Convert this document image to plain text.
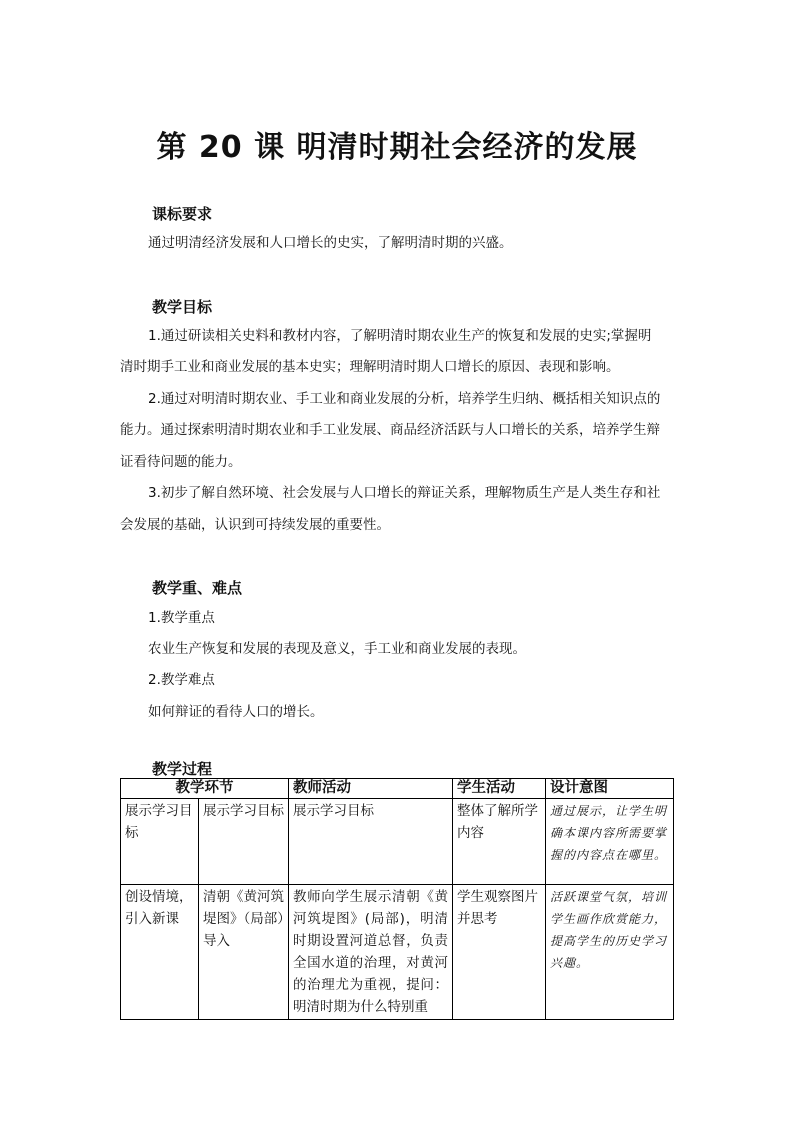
第 20 课 明清时期社会经济的发展
课标要求
通过明清经济发展和人口增长的史实，了解明清时期的兴盛。
教学目标
1.通过研读相关史料和教材内容，了解明清时期农业生产的恢复和发展的史实;掌握明
清时期手工业和商业发展的基本史实；理解明清时期人口增长的原因、表现和影响。
2.通过对明清时期农业、手工业和商业发展的分析，培养学生归纳、概括相关知识点的
能力。通过探索明清时期农业和手工业发展、商品经济活跃与人口增长的关系，培养学生辩
证看待问题的能力。
3.初步了解自然环境、社会发展与人口增长的辩证关系，理解物质生产是人类生存和社
会发展的基础，认识到可持续发展的重要性。
教学重、难点
1.教学重点
农业生产恢复和发展的表现及意义，手工业和商业发展的表现。
2.教学难点
如何辩证的看待人口的增长。
教学过程
教学环节		教师活动	学生活动	设计意图
展示学习目标	展示学习目标	展示学习目标	整体了解所学内容	通过展示，让学生明确本课内容所需要掌握的内容点在哪里。
创设情境，引入新课	清朝《黄河筑堤图》（局部）导入	教师向学生展示清朝《黄河筑堤图》(局部)，明清时期设置河道总督，负责全国水道的治理，对黄河的治理尤为重视，提问：明清时期为什么特别重	学生观察图片并思考	活跃课堂气氛，培训学生画作欣赏能力，提高学生的历史学习兴趣。
